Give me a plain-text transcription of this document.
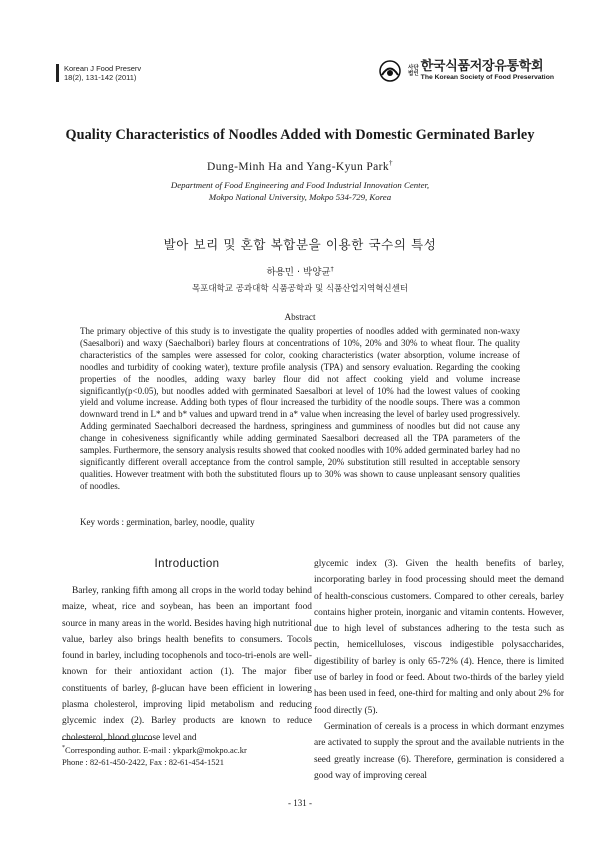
Korean J Food Preserv
18(2), 131-142 (2011)
사단
법인 한국식품저장유통학회
The Korean Society of Food Preservation
Quality Characteristics of Noodles Added with Domestic Germinated Barley
Dung-Minh Ha and Yang-Kyun Park†
Department of Food Engineering and Food Industrial Innovation Center,
Mokpo National University, Mokpo 534-729, Korea
발아 보리 및 혼합 복합분을 이용한 국수의 특성
하용민 · 박양균†
목포대학교 공과대학 식품공학과 및 식품산업지역혁신센터
Abstract

The primary objective of this study is to investigate the quality properties of noodles added with germinated non-waxy (Saesalbori) and waxy (Saechalbori) barley flours at concentrations of 10%, 20% and 30% to wheat flour. The quality characteristics of the samples were assessed for color, cooking characteristics (water absorption, volume increase of noodles and turbidity of cooking water), texture profile analysis (TPA) and sensory evaluation. Regarding the cooking properties of the noodles, adding waxy barley flour did not affect cooking yield and volume increase significantly(p<0.05), but noodles added with germinated Saesalbori at level of 10% had the lowest values of cooking yield and volume increase. Adding both types of flour increased the turbidity of the noodle soups. There was a common downward trend in L* and b* values and upward trend in a* value when increasing the level of barley used progressively. Adding germinated Saechalbori decreased the hardness, springiness and gumminess of noodles but did not cause any change in cohesiveness significantly while adding germinated Saesalbori decreased all the TPA parameters of the samples. Furthermore, the sensory analysis results showed that cooked noodles with 10% added germinated barley had no significantly different overall acceptance from the control sample, 20% substitution still resulted in acceptable sensory qualities. However treatment with both the substituted flours up to 30% was shown to cause unpleasant sensory qualities of noodles.

Key words : germination, barley, noodle, quality
Introduction

Barley, ranking fifth among all crops in the world today behind maize, wheat, rice and soybean, has been an important food source in many areas in the world. Besides having high nutritional value, barley also brings health benefits to consumers. Tocols found in barley, including tocophenols and toco-tri-enols are well-known for their antioxidant action (1). The major fiber constituents of barley, β-glucan have been efficient in lowering plasma cholesterol, improving lipid metabolism and reducing glycemic index (2). Barley products are known to reduce cholesterol, blood glucose level and

glycemic index (3). Given the health benefits of barley, incorporating barley in food processing should meet the demand of health-conscious customers. Compared to other cereals, barley contains higher protein, inorganic and vitamin contents. However, due to high level of substances adhering to the testa such as pectin, hemicelluloses, viscous indigestible polysaccharides, digestibility of barley is only 65-72% (4). Hence, there is limited use of barley in food or feed. About two-thirds of the barley yield has been used in feed, one-third for malting and only about 2% for food directly (5).

Germination of cereals is a process in which dormant enzymes are activated to supply the sprout and the available nutrients in the seed greatly increase (6). Therefore, germination is considered a good way of improving cereal

*Corresponding author. E-mail : ykpark@mokpo.ac.kr
Phone : 82-61-450-2422, Fax : 82-61-454-1521
- 131 -
